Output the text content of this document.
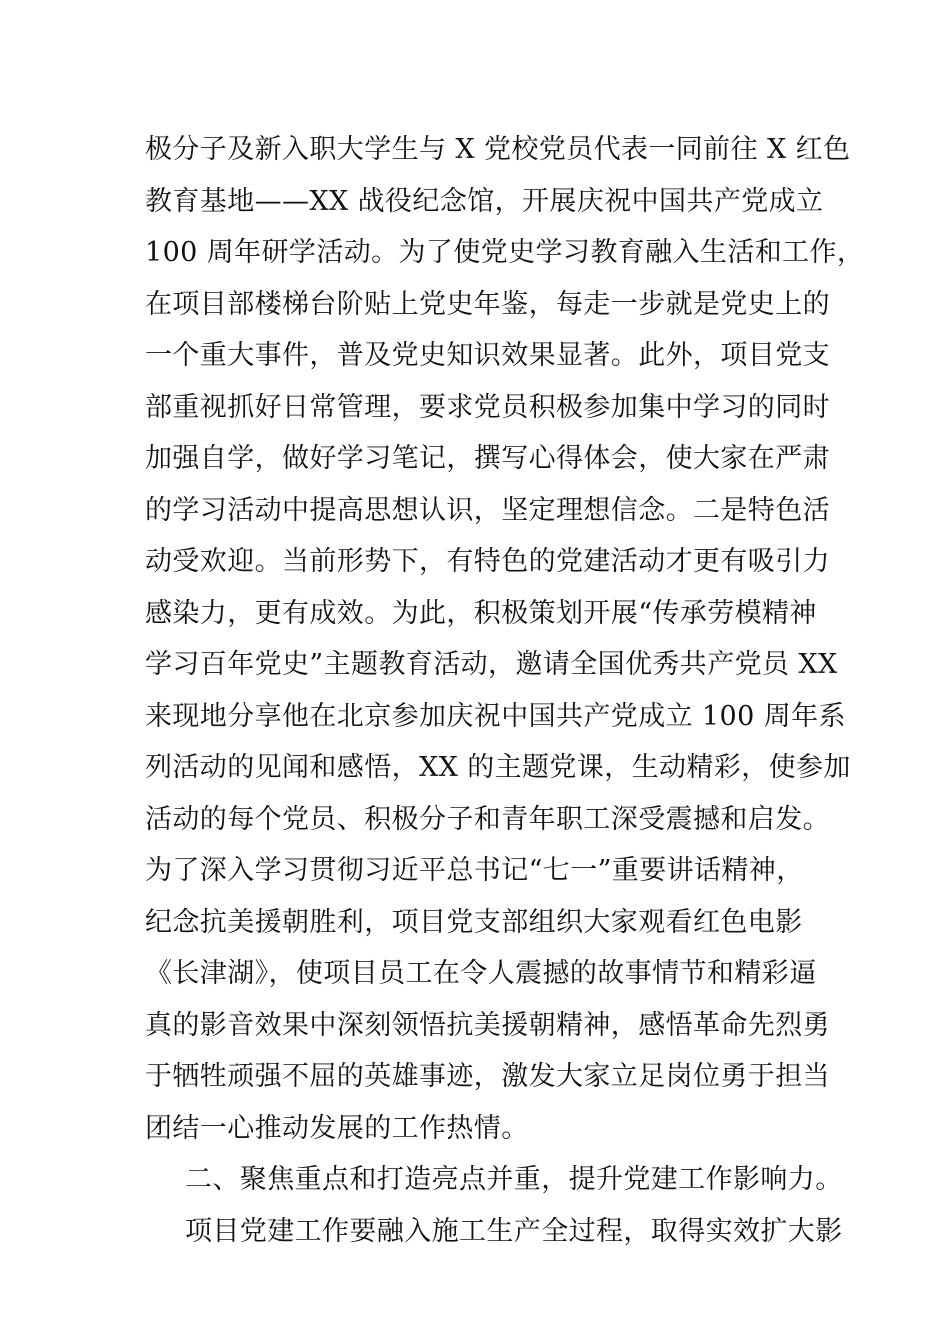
极分子及新入职大学生与 X 党校党员代表一同前往 X 红色
教育基地——XX 战役纪念馆，开展庆祝中国共产党成立
100 周年研学活动。为了使党史学习教育融入生活和工作，
在项目部楼梯台阶贴上党史年鉴，每走一步就是党史上的
一个重大事件，普及党史知识效果显著。此外，项目党支
部重视抓好日常管理，要求党员积极参加集中学习的同时
加强自学，做好学习笔记，撰写心得体会，使大家在严肃
的学习活动中提高思想认识，坚定理想信念。二是特色活
动受欢迎。当前形势下，有特色的党建活动才更有吸引力
感染力，更有成效。为此，积极策划开展“传承劳模精神
学习百年党史”主题教育活动，邀请全国优秀共产党员 XX
来现地分享他在北京参加庆祝中国共产党成立 100 周年系
列活动的见闻和感悟，XX 的主题党课，生动精彩，使参加
活动的每个党员、积极分子和青年职工深受震撼和启发。
为了深入学习贯彻习近平总书记“七一”重要讲话精神，
纪念抗美援朝胜利，项目党支部组织大家观看红色电影
《长津湖》，使项目员工在令人震撼的故事情节和精彩逼
真的影音效果中深刻领悟抗美援朝精神，感悟革命先烈勇
于牺牲顽强不屈的英雄事迹，激发大家立足岗位勇于担当
团结一心推动发展的工作热情。
二、聚焦重点和打造亮点并重，提升党建工作影响力。
项目党建工作要融入施工生产全过程，取得实效扩大影
